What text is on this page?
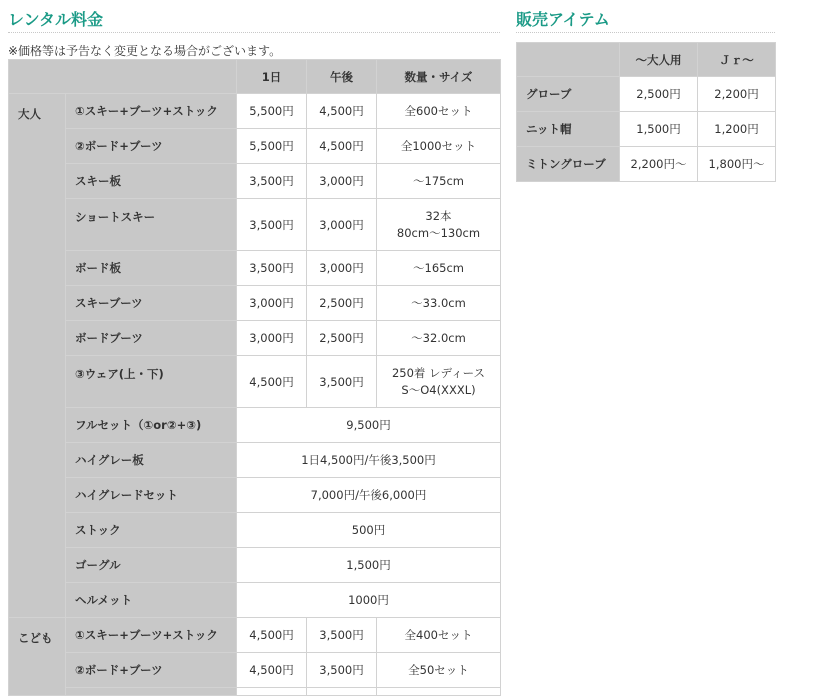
レンタル料金
※価格等は予告なく変更となる場合がございます。
		1日	午後	数量・サイズ
大人	①スキー+ブーツ+ストック	5,500円	4,500円	全600セット
	②ボード+ブーツ	5,500円	4,500円	全1000セット
	スキー板	3,500円	3,000円	〜175cm
	ショートスキー	3,500円	3,000円	32本
80cm〜130cm

	ボード板	3,500円	3,000円	〜165cm
	スキーブーツ	3,000円	2,500円	〜33.0cm
	ボードブーツ	3,000円	2,500円	〜32.0cm
	③ウェア(上・下)	4,500円	3,500円	250着 レディース
S〜O4(XXXL)

	フルセット（①or②+③)	9,500円		
	ハイグレー板	1日4,500円/午後3,500円		
	ハイグレードセット	7,000円/午後6,000円		
	ストック	500円		
	ゴーグル	1,500円		
	ヘルメット	1000円		
こども	①スキー+ブーツ+ストック	4,500円	3,500円	全400セット
	②ボード+ブーツ	4,500円	3,500円	全50セット

販売アイテム
	〜大人用	Ｊｒ〜
グローブ	2,500円	2,200円
ニット帽	1,500円	1,200円
ミトングローブ	2,200円〜	1,800円〜
